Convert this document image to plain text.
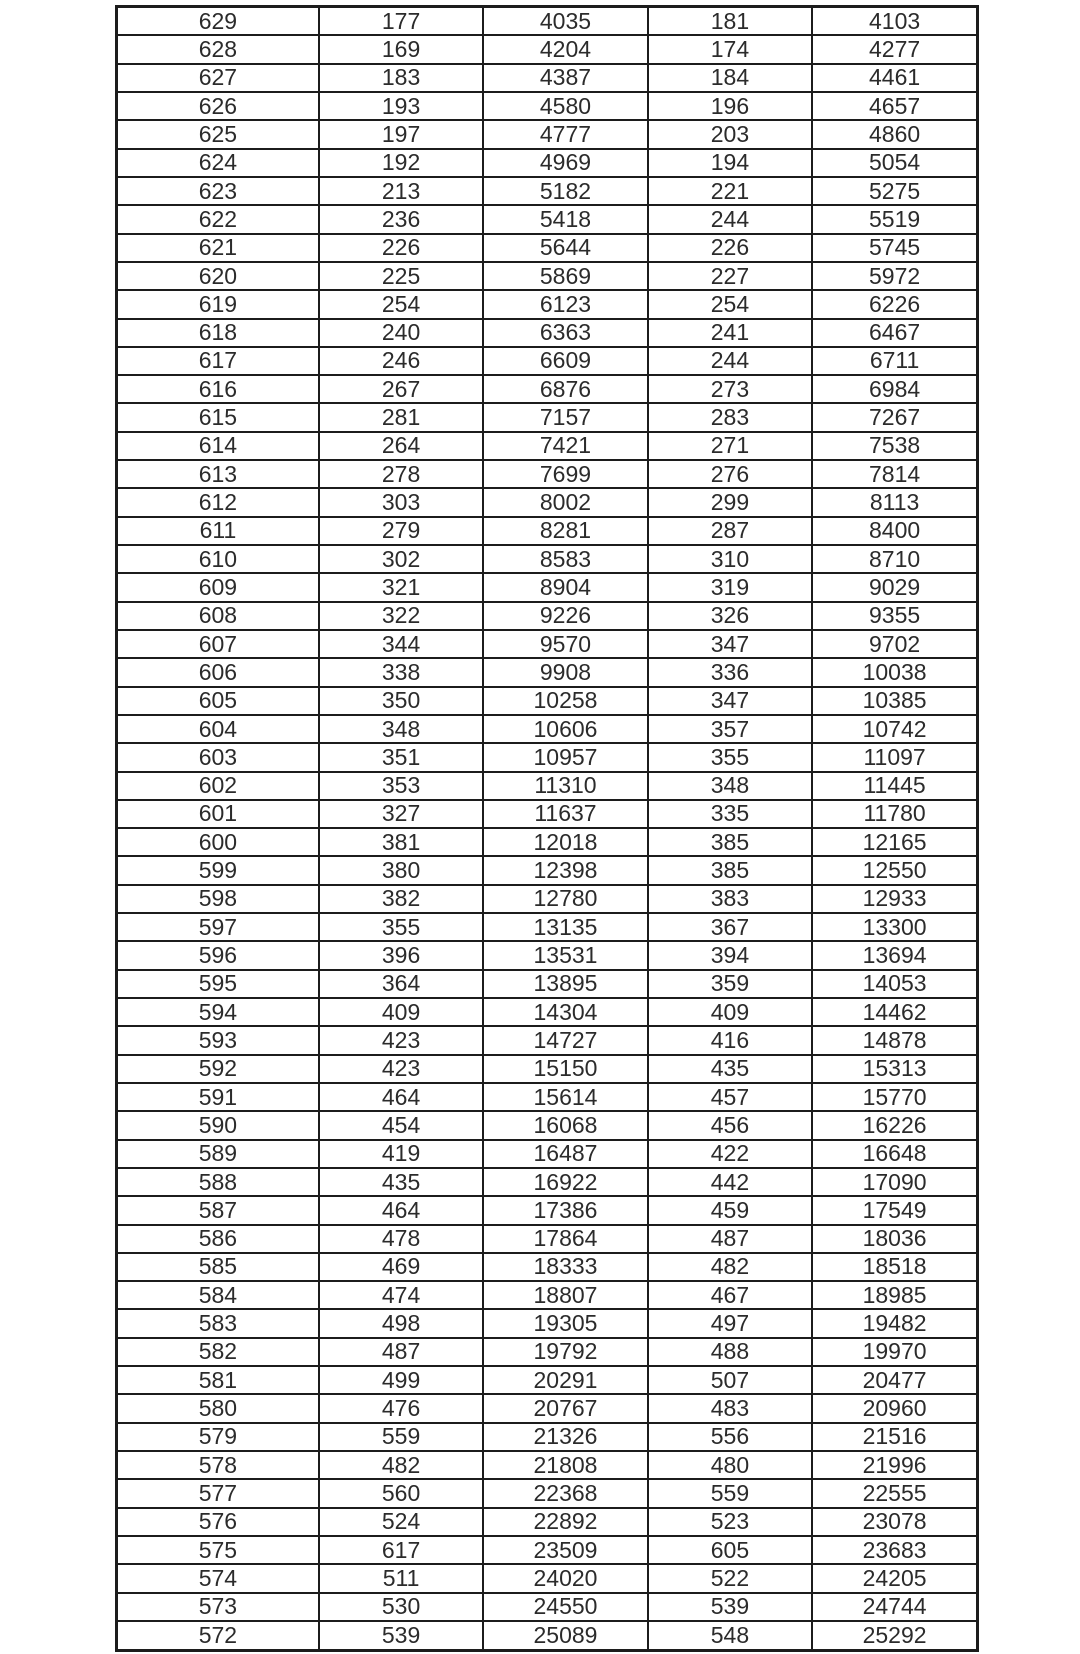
629	177	4035	181	4103
628	169	4204	174	4277
627	183	4387	184	4461
626	193	4580	196	4657
625	197	4777	203	4860
624	192	4969	194	5054
623	213	5182	221	5275
622	236	5418	244	5519
621	226	5644	226	5745
620	225	5869	227	5972
619	254	6123	254	6226
618	240	6363	241	6467
617	246	6609	244	6711
616	267	6876	273	6984
615	281	7157	283	7267
614	264	7421	271	7538
613	278	7699	276	7814
612	303	8002	299	8113
611	279	8281	287	8400
610	302	8583	310	8710
609	321	8904	319	9029
608	322	9226	326	9355
607	344	9570	347	9702
606	338	9908	336	10038
605	350	10258	347	10385
604	348	10606	357	10742
603	351	10957	355	11097
602	353	11310	348	11445
601	327	11637	335	11780
600	381	12018	385	12165
599	380	12398	385	12550
598	382	12780	383	12933
597	355	13135	367	13300
596	396	13531	394	13694
595	364	13895	359	14053
594	409	14304	409	14462
593	423	14727	416	14878
592	423	15150	435	15313
591	464	15614	457	15770
590	454	16068	456	16226
589	419	16487	422	16648
588	435	16922	442	17090
587	464	17386	459	17549
586	478	17864	487	18036
585	469	18333	482	18518
584	474	18807	467	18985
583	498	19305	497	19482
582	487	19792	488	19970
581	499	20291	507	20477
580	476	20767	483	20960
579	559	21326	556	21516
578	482	21808	480	21996
577	560	22368	559	22555
576	524	22892	523	23078
575	617	23509	605	23683
574	511	24020	522	24205
573	530	24550	539	24744
572	539	25089	548	25292
